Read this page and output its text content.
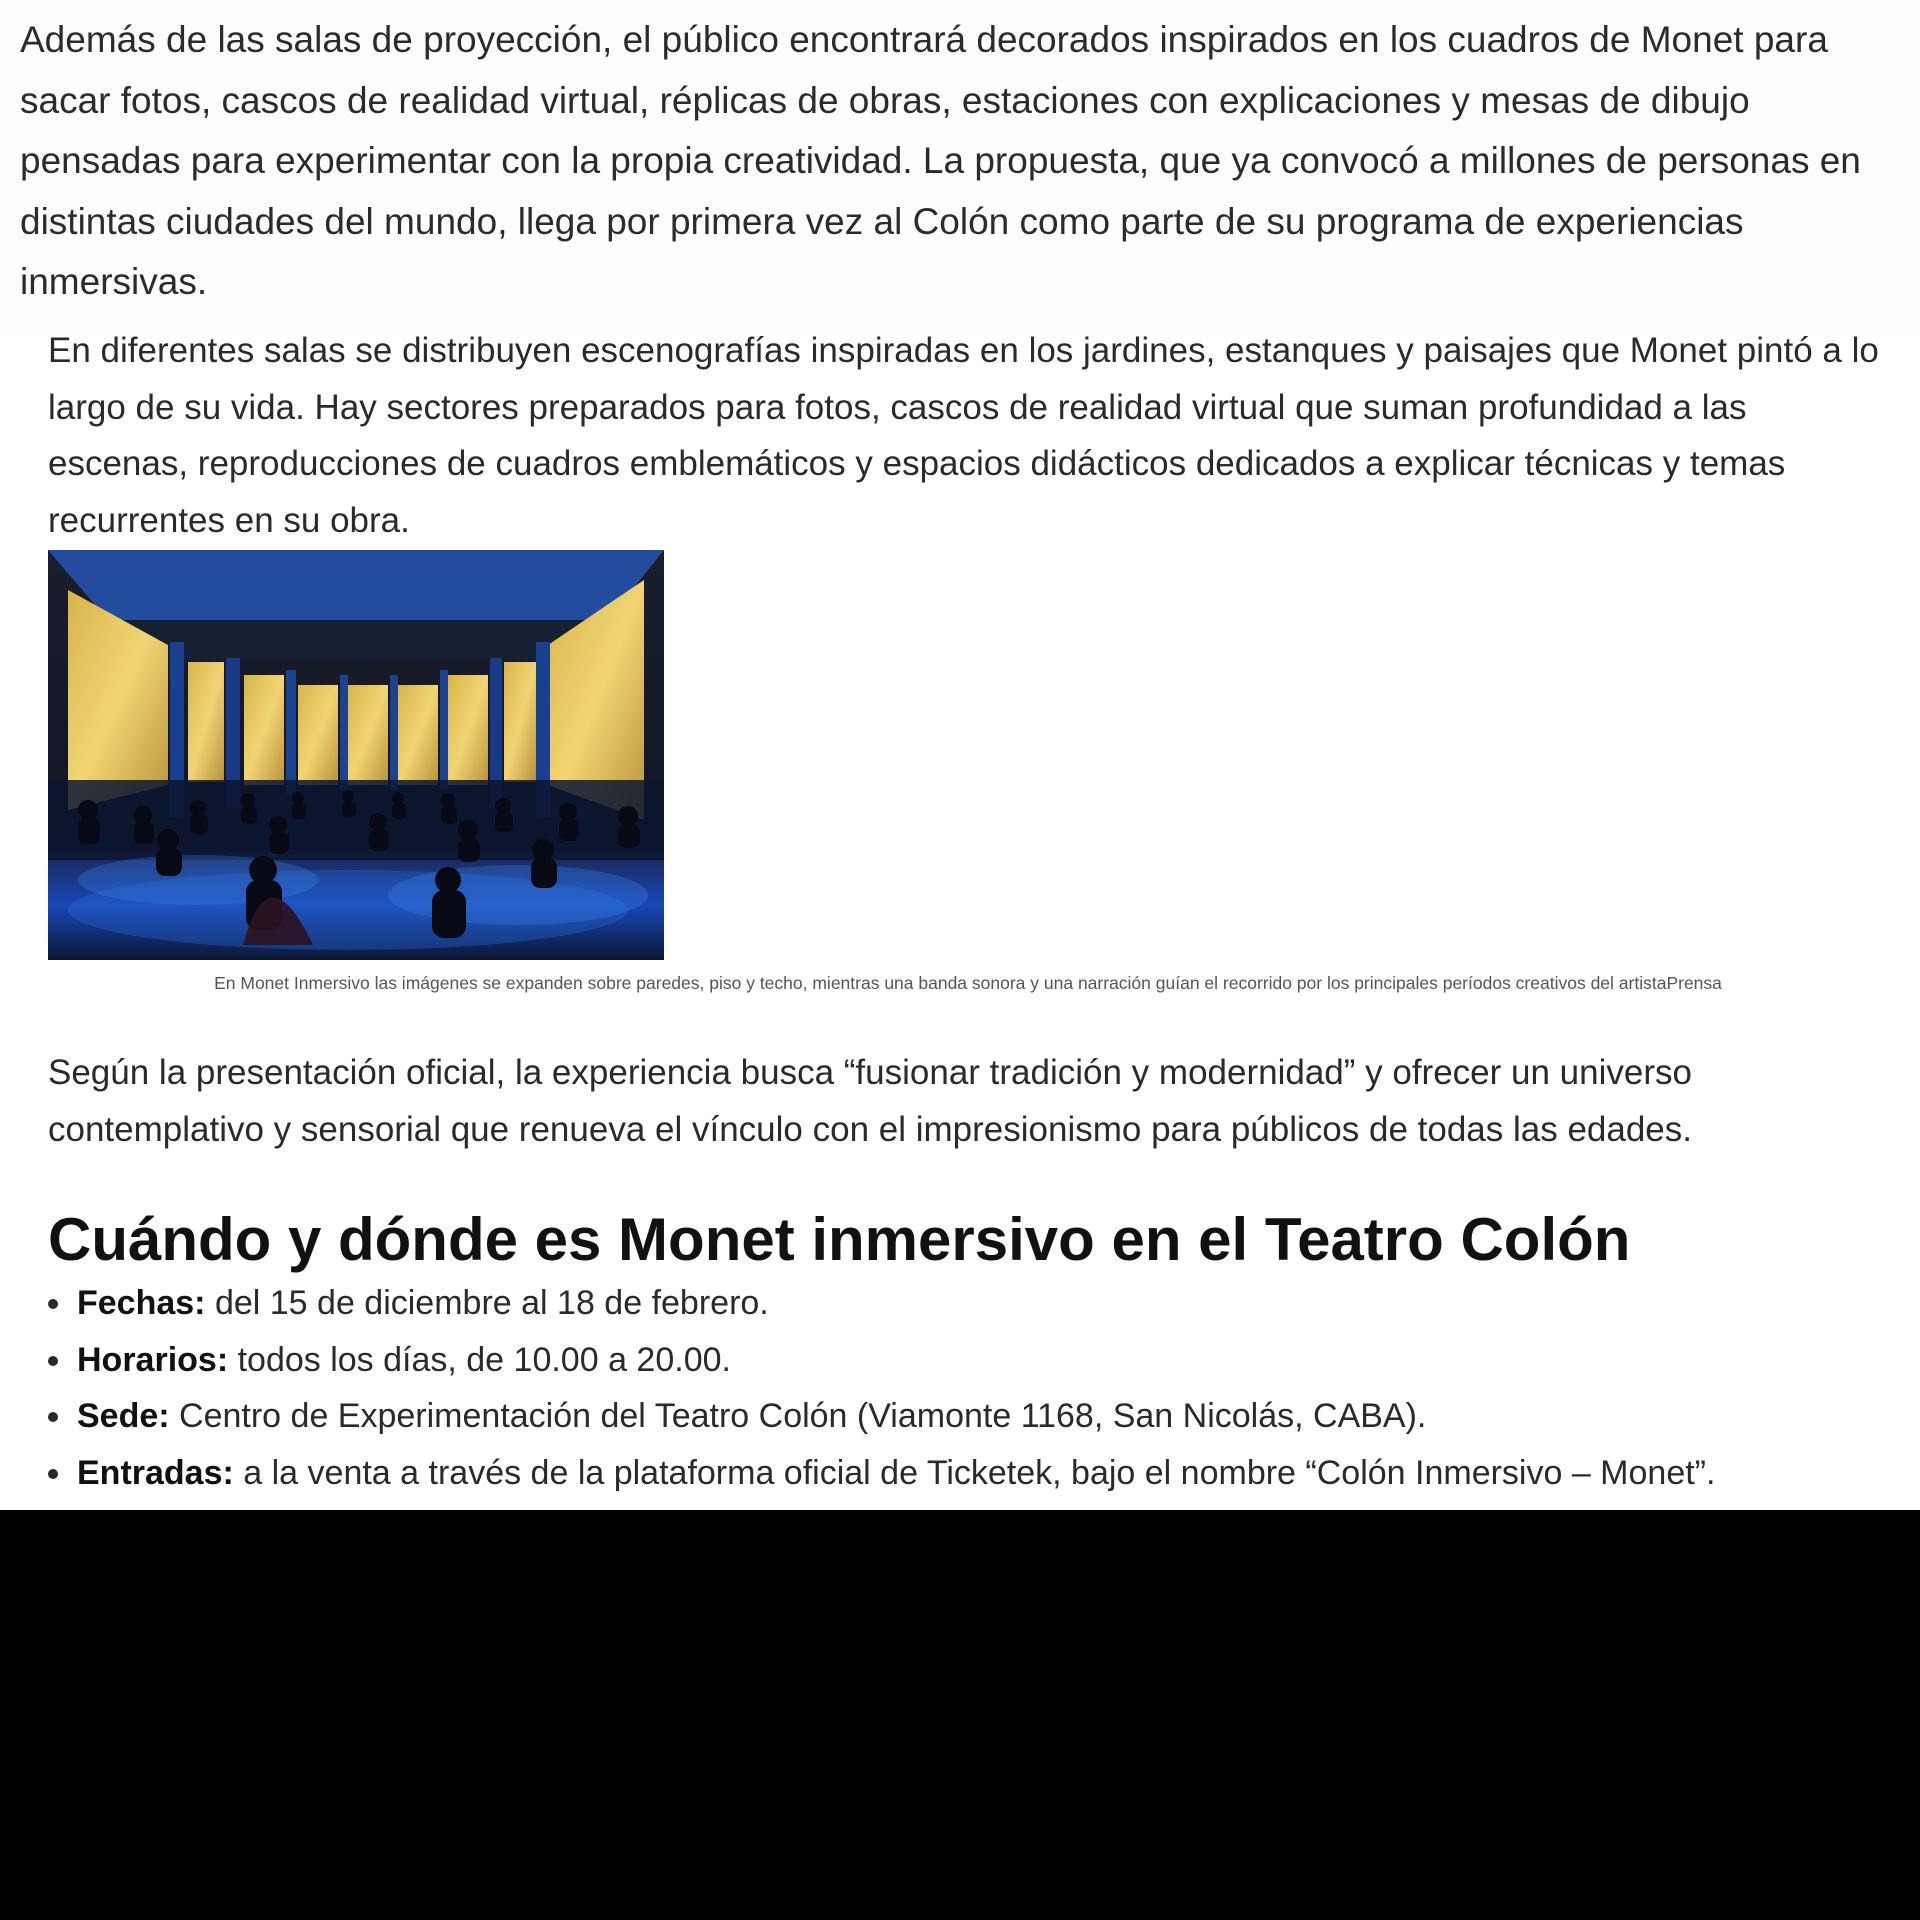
Además de las salas de proyección, el público encontrará decorados inspirados en los cuadros de Monet para sacar fotos, cascos de realidad virtual, réplicas de obras, estaciones con explicaciones y mesas de dibujo pensadas para experimentar con la propia creatividad. La propuesta, que ya convocó a millones de personas en distintas ciudades del mundo, llega por primera vez al Colón como parte de su programa de experiencias inmersivas.

En diferentes salas se distribuyen escenografías inspiradas en los jardines, estanques y paisajes que Monet pintó a lo largo de su vida. Hay sectores preparados para fotos, cascos de realidad virtual que suman profundidad a las escenas, reproducciones de cuadros emblemáticos y espacios didácticos dedicados a explicar técnicas y temas recurrentes en su obra.

En Monet Inmersivo las imágenes se expanden sobre paredes, piso y techo, mientras una banda sonora y una narración guían el recorrido por los principales períodos creativos del artistaPrensa

Según la presentación oficial, la experiencia busca “fusionar tradición y modernidad” y ofrecer un universo contemplativo y sensorial que renueva el vínculo con el impresionismo para públicos de todas las edades.

Cuándo y dónde es Monet inmersivo en el Teatro Colón
Fechas: del 15 de diciembre al 18 de febrero.
Horarios: todos los días, de 10.00 a 20.00.
Sede: Centro de Experimentación del Teatro Colón (Viamonte 1168, San Nicolás, CABA).
Entradas: a la venta a través de la plataforma oficial de Ticketek, bajo el nombre “Colón Inmersivo – Monet”.
